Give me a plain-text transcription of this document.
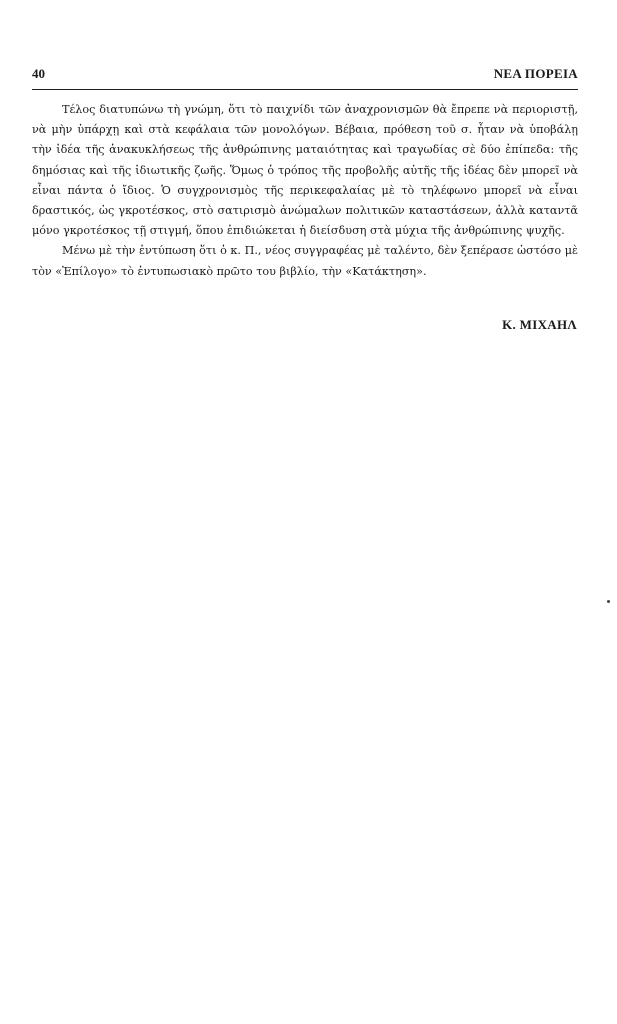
40	ΝΕΑ ΠΟΡΕΙΑ

Τέλος διατυπώνω τὴ γνώμη, ὅτι τὸ παιχνίδι τῶν ἀναχρονισμῶν θὰ ἔπρεπε νὰ περιοριστῇ, νὰ μὴν ὑπάρχῃ καὶ στὰ κεφάλαια τῶν μονολόγων. Βέβαια, πρόθεση τοῦ σ. ἦταν νὰ ὑποβάλῃ τὴν ἰδέα τῆς ἀνακυκλήσεως τῆς ἀνθρώπινης ματαιότητας καὶ τραγωδίας σὲ δύο ἐπίπεδα: τῆς δημόσιας καὶ τῆς ἰδιωτικῆς ζωῆς. Ὅμως ὁ τρόπος τῆς προβολῆς αὐτῆς τῆς ἰδέας δὲν μπορεῖ νὰ εἶναι πάντα ὁ ἴδιος. Ὁ συγχρονισμὸς τῆς περικεφαλαίας μὲ τὸ τηλέφωνο μπορεῖ νὰ εἶναι δραστικός, ὡς γκροτέσκος, στὸ σατιρισμὸ ἀνώμαλων πολιτικῶν καταστάσεων, ἀλλὰ καταντᾶ μόνο γκροτέσκος τῇ στιγμή, ὅπου ἐπιδιώκεται ἡ διείσδυση στὰ μύχια τῆς ἀνθρώπινης ψυχῆς.

Μένω μὲ τὴν ἐντύπωση ὅτι ὁ κ. Π., νέος συγγραφέας μὲ ταλέντο, δὲν ξεπέρασε ὡστόσο μὲ τὸν «Ἐπίλογο» τὸ ἐντυπωσιακὸ πρῶτο του βιβλίο, τὴν «Κατάκτηση».

Κ. ΜΙΧΑΗΛ
